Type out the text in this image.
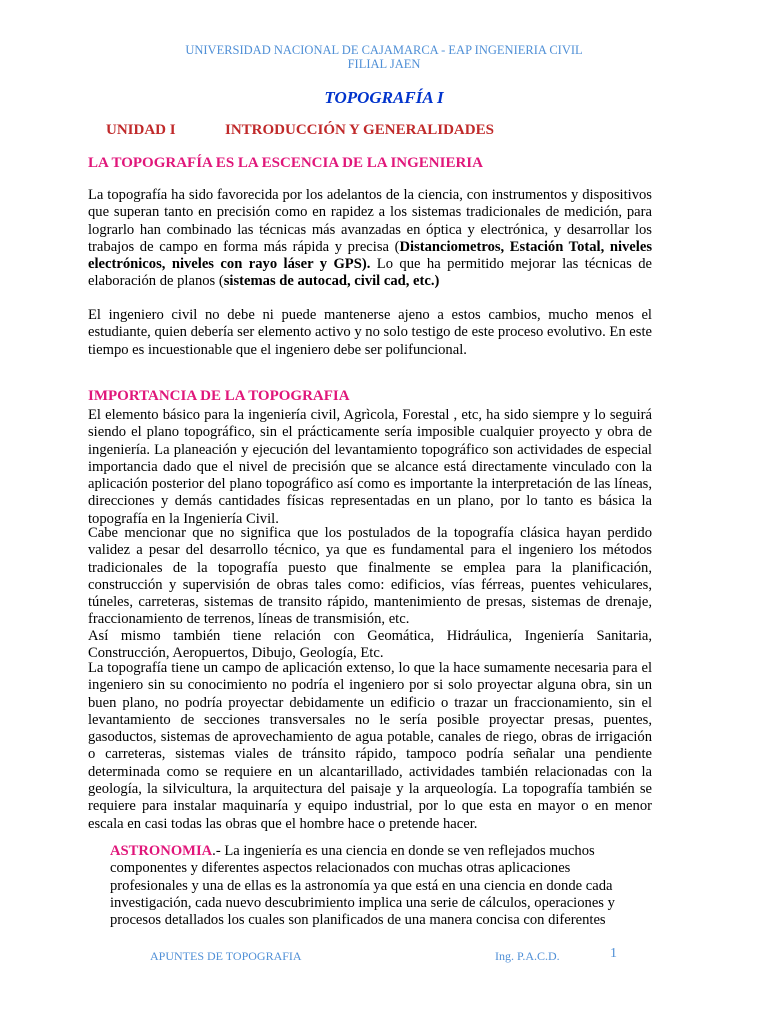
UNIVERSIDAD NACIONAL DE CAJAMARCA - EAP INGENIERIA CIVIL
FILIAL JAEN
TOPOGRAFÍA I
UNIDAD I	INTRODUCCIÓN Y GENERALIDADES
LA TOPOGRAFÍA ES LA ESCENCIA DE LA INGENIERIA
La topografía ha sido favorecida por los adelantos de la ciencia, con instrumentos y dispositivos que superan tanto en precisión como en rapidez a los sistemas tradicionales de medición, para lograrlo han combinado las técnicas más avanzadas en óptica y electrónica, y desarrollar los trabajos de campo en forma más rápida y precisa (Distanciometros, Estación Total, niveles electrónicos, niveles con rayo láser y GPS). Lo que ha permitido mejorar las técnicas de elaboración de planos (sistemas de autocad, civil cad, etc.)
El ingeniero civil no debe ni puede mantenerse ajeno a estos cambios, mucho menos el estudiante, quien debería ser elemento activo y no solo testigo de este proceso evolutivo. En este tiempo es incuestionable que el ingeniero debe ser polifuncional.
IMPORTANCIA DE LA TOPOGRAFIA
El elemento básico para la ingeniería civil, Agrìcola, Forestal , etc, ha sido siempre y lo seguirá siendo el plano topográfico, sin el prácticamente sería imposible cualquier proyecto y obra de ingeniería. La planeación y ejecución del levantamiento topográfico son actividades de especial importancia dado que el nivel de precisión que se alcance está directamente vinculado con la aplicación posterior del plano topográfico así como es importante la interpretación de las líneas, direcciones y demás cantidades físicas representadas en un plano, por lo tanto es básica la topografía en la Ingeniería Civil.
Cabe mencionar que no significa que los postulados de la topografía clásica hayan perdido validez a pesar del desarrollo técnico, ya que es fundamental para el ingeniero los métodos tradicionales de la topografía puesto que finalmente se emplea para la planificación, construcción y supervisión de obras tales como: edificios, vías férreas, puentes vehiculares, túneles, carreteras, sistemas de transito rápido, mantenimiento de presas, sistemas de drenaje, fraccionamiento de terrenos, líneas de transmisión, etc.
Así mismo también tiene relación con Geomática, Hidráulica, Ingeniería Sanitaria, Construcción, Aeropuertos, Dibujo, Geología, Etc.
La topografía tiene un campo de aplicación extenso, lo que la hace sumamente necesaria para el ingeniero sin su conocimiento no podría el ingeniero por si solo proyectar alguna obra, sin un buen plano, no podría proyectar debidamente un edificio o trazar un fraccionamiento, sin el levantamiento de secciones transversales no le sería posible proyectar presas, puentes, gasoductos, sistemas de aprovechamiento de agua potable, canales de riego, obras de irrigación o carreteras, sistemas viales de tránsito rápido, tampoco podría señalar una pendiente determinada como se requiere en un alcantarillado, actividades también relacionadas con la geología, la silvicultura, la arquitectura del paisaje y la arqueología. La topografía también se requiere para instalar maquinaría y equipo industrial, por lo que esta en mayor o en menor escala en casi todas las obras que el hombre hace o pretende hacer.
ASTRONOMIA.- La ingeniería es una ciencia en donde se ven reflejados muchos componentes y diferentes aspectos relacionados con muchas otras aplicaciones profesionales y una de ellas es la astronomía ya que está en una ciencia en donde cada investigación, cada nuevo descubrimiento implica una serie de cálculos, operaciones y procesos detallados los cuales son planificados de una manera concisa con diferentes
APUNTES DE TOPOGRAFIA	Ing. P.A.C.D.	1
